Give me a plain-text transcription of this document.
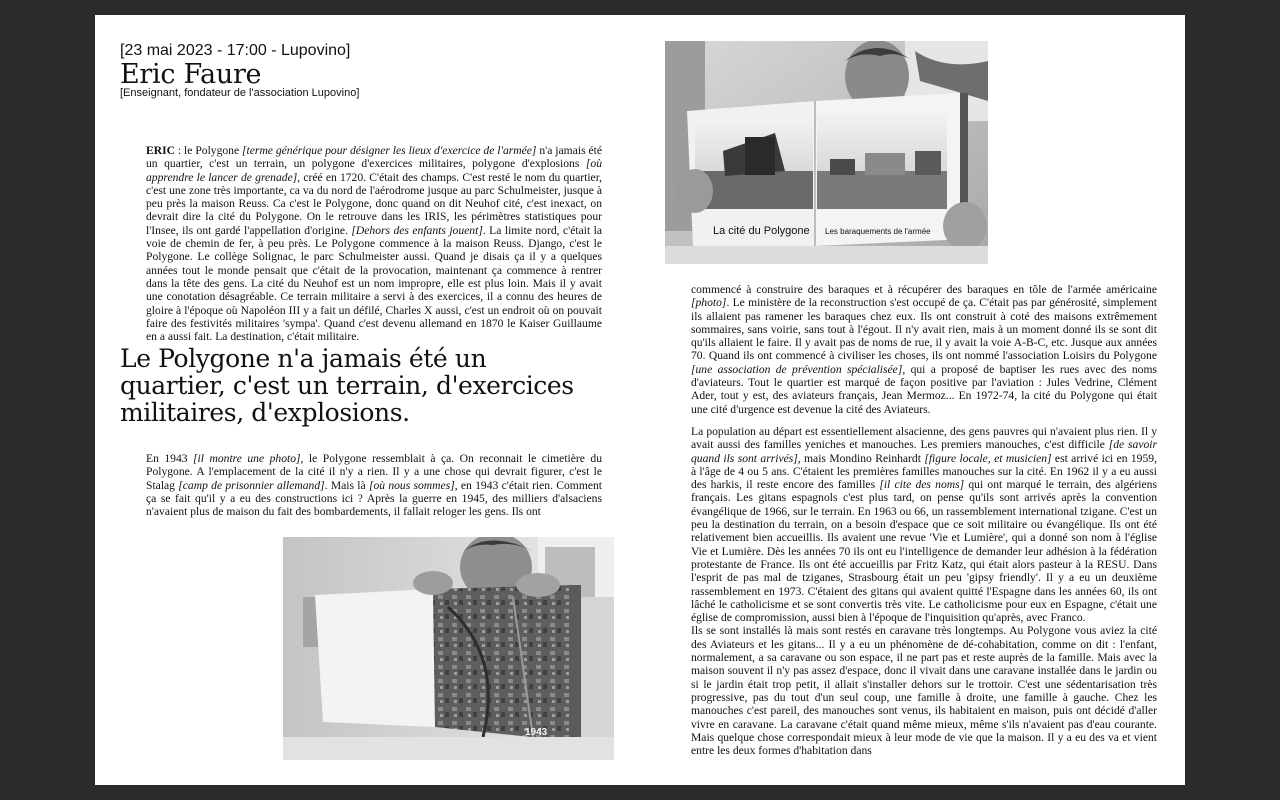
[23 mai 2023 - 17:00 - Lupovino]
Eric Faure
[Enseignant, fondateur de l'association Lupovino]
ERIC : le Polygone [terme générique pour désigner les lieux d'exercice de l'armée] n'a jamais été un quartier, c'est un terrain, un polygone d'exercices militaires, polygone d'explosions [où apprendre le lancer de grenade], créé en 1720. C'était des champs. C'est resté le nom du quartier, c'est une zone très importante, ca va du nord de l'aérodrome jusque au parc Schulmeister, jusque à peu près la maison Reuss. Ca c'est le Polygone, donc quand on dit Neuhof cité, c'est inexact, on devrait dire la cité du Polygone. On le retrouve dans les IRIS, les périmètres statistiques pour l'Insee, ils ont gardé l'appellation d'origine. [Dehors des enfants jouent]. La limite nord, c'était la voie de chemin de fer, à peu près. Le Polygone commence à la maison Reuss. Django, c'est le Polygone. Le collège Solignac, le parc Schulmeister aussi. Quand je disais ça il y a quelques années tout le monde pensait que c'était de la provocation, maintenant ça commence à rentrer dans la tête des gens. La cité du Neuhof est un nom impropre, elle est plus loin. Mais il y avait une conotation désagréable. Ce terrain militaire a servi à des exercices, il a connu des heures de gloire à l'époque où Napoléon III y a fait un défilé, Charles X aussi, c'est un endroit où on pouvait faire des festivités militaires 'sympa'. Quand c'est devenu allemand en 1870 le Kaiser Guillaume en a aussi fait. La destination, c'était militaire.
Le Polygone n'a jamais été un quartier, c'est un terrain, d'exercices militaires, d'explosions.
En 1943 [il montre une photo], le Polygone ressemblait à ça. On reconnait le cimetière du Polygone. A l'emplacement de la cité il n'y a rien. Il y a une chose qui devrait figurer, c'est le Stalag [camp de prisonnier allemand]. Mais là [où nous sommes], en 1943 c'était rien. Comment ça se fait qu'il y a eu des constructions ici ? Après la guerre en 1945, des milliers d'alsaciens n'avaient plus de maison du fait des bombardements, il fallait reloger les gens. Ils ont
La cité du Polygone Les baraquements de l'armée
commencé à construire des baraques et à récupérer des baraques en tôle de l'armée américaine [photo]. Le ministère de la reconstruction s'est occupé de ça. C'était pas par générosité, simplement ils allaient pas ramener les baraques chez eux. Ils ont construit à coté des maisons extrêmement sommaires, sans voirie, sans tout à l'égout. Il n'y avait rien, mais à un moment donné ils se sont dit qu'ils allaient le faire. Il y avait pas de noms de rue, il y avait la voie A-B-C, etc. Jusque aux années 70. Quand ils ont commencé à civiliser les choses, ils ont nommé l'association Loisirs du Polygone [une association de prévention spécialisée], qui a proposé de baptiser les rues avec des noms d'aviateurs. Tout le quartier est marqué de façon positive par l'aviation : Jules Vedrine, Clément Ader, tout y est, des aviateurs français, Jean Mermoz... En 1972-74, la cité du Polygone qui était une cité d'urgence est devenue la cité des Aviateurs.
La population au départ est essentiellement alsacienne, des gens pauvres qui n'avaient plus rien. Il y avait aussi des familles yeniches et manouches. Les premiers manouches, c'est difficile [de savoir quand ils sont arrivés], mais Mondino Reinhardt [figure locale, et musicien] est arrivé ici en 1959, à l'âge de 4 ou 5 ans. C'étaient les premières familles manouches sur la cité. En 1962 il y a eu aussi des harkis, il reste encore des familles [il cite des noms] qui ont marqué le terrain, des algériens français. Les gitans espagnols c'est plus tard, on pense qu'ils sont arrivés après la convention évangélique de 1966, sur le terrain. En 1963 ou 66, un rassemblement international tzigane. C'est un peu la destination du terrain, on a besoin d'espace que ce soit militaire ou évangélique. Ils ont été relativement bien accueillis. Ils avaient une revue 'Vie et Lumière', qui a donné son nom à l'église Vie et Lumière. Dès les années 70 ils ont eu l'intelligence de demander leur adhésion à la fédération protestante de France. Ils ont été accueillis par Fritz Katz, qui était alors pasteur à la RESU. Dans l'esprit de pas mal de tziganes, Strasbourg était un peu 'gipsy friendly'. Il y a eu un deuxième rassemblement en 1973. C'étaient des gitans qui avaient quitté l'Espagne dans les années 60, ils ont lâché le catholicisme et se sont convertis très vite. Le catholicisme pour eux en Espagne, c'était une église de compromission, aussi bien à l'époque de l'inquisition qu'après, avec Franco.
Ils se sont installés là mais sont restés en caravane très longtemps. Au Polygone vous aviez la cité des Aviateurs et les gitans... Il y a eu un phénomène de dé-cohabitation, comme on dit : l'enfant, normalement, a sa caravane ou son espace, il ne part pas et reste auprès de la famille. Mais avec la maison souvent il n'y pas assez d'espace, donc il vivait dans une caravane installée dans le jardin ou si le jardin était trop petit, il allait s'installer dehors sur le trottoir. C'est une sédentarisation très progressive, pas du tout d'un seul coup, une famille à droite, une famille à gauche. Chez les manouches c'est pareil, des manouches sont venus, ils habitaient en maison, puis ont décidé d'aller vivre en caravane. La caravane c'était quand même mieux, même s'ils n'avaient pas d'eau courante. Mais quelque chose correspondait mieux à leur mode de vie que la maison. Il y a eu des va et vient entre les deux formes d'habitation dans
1943
